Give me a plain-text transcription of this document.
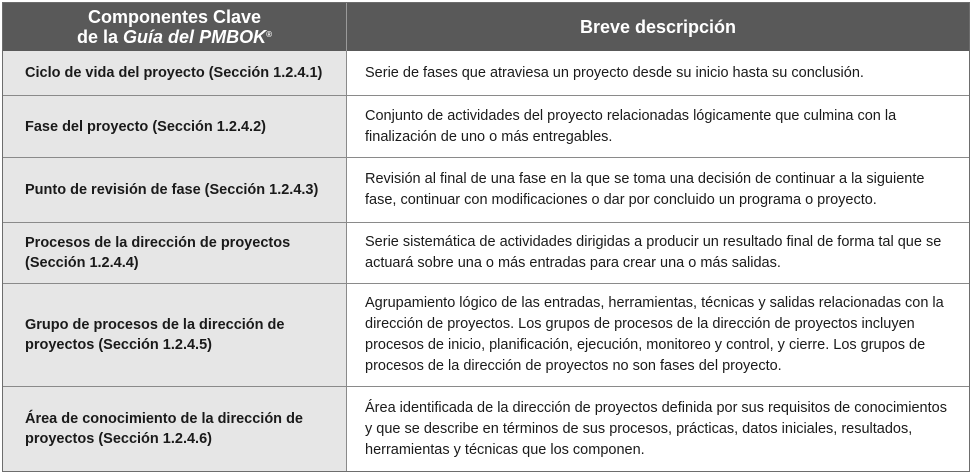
Componentes Clave
de la Guía del PMBOK®	Breve descripción
Ciclo de vida del proyecto (Sección 1.2.4.1)	Serie de fases que atraviesa un proyecto desde su inicio hasta su conclusión.
Fase del proyecto (Sección 1.2.4.2)
Conjunto de actividades del proyecto relacionadas lógicamente que culmina con la finalización de uno o más entregables.
Punto de revisión de fase (Sección 1.2.4.3)
Revisión al final de una fase en la que se toma una decisión de continuar a la siguiente fase, continuar con modificaciones o dar por concluido un programa o proyecto.
Procesos de la dirección de proyectos (Sección 1.2.4.4)
Serie sistemática de actividades dirigidas a producir un resultado final de forma tal que se actuará sobre una o más entradas para crear una o más salidas.
Grupo de procesos de la dirección de proyectos (Sección 1.2.4.5)
Agrupamiento lógico de las entradas, herramientas, técnicas y salidas relacionadas con la dirección de proyectos. Los grupos de procesos de la dirección de proyectos incluyen procesos de inicio, planificación, ejecución, monitoreo y control, y cierre. Los grupos de procesos de la dirección de proyectos no son fases del proyecto.
Área de conocimiento de la dirección de proyectos (Sección 1.2.4.6)
Área identificada de la dirección de proyectos definida por sus requisitos de conocimientos y que se describe en términos de sus procesos, prácticas, datos iniciales, resultados, herramientas y técnicas que los componen.
